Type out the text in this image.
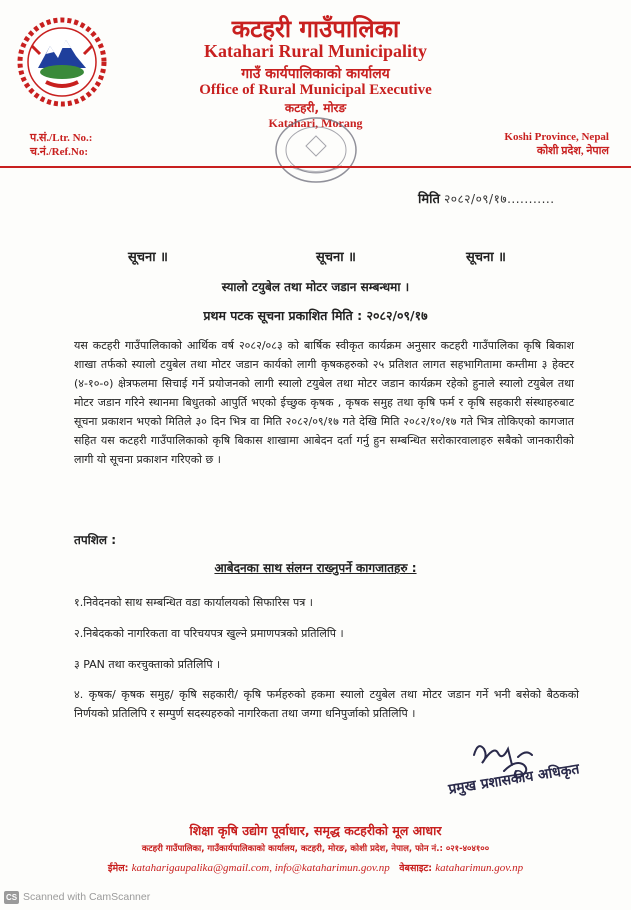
कटहरी गाउँपालिका
Katahari Rural Municipality
गाउँ कार्यपालिकाको कार्यालय
Office of Rural Municipal Executive
कटहरी, मोरङ
Katahari, Morang
प.सं./Ltr. No.:
च.नं./Ref.No:
Koshi Province, Nepal
कोशी प्रदेश, नेपाल
मिति २०८२/०९/१७...........
सूचना ॥	सूचना ॥	सूचना ॥
स्यालो टयुबेल तथा मोटर जडान सम्बन्धमा ।
प्रथम पटक सूचना प्रकाशित मिति : २०८२/०९/१७
यस कटहरी गाउँपालिकाको आर्थिक वर्ष २०८२/०८३ को बार्षिक स्वीकृत कार्यक्रम अनुसार कटहरी गाउँपालिका कृषि बिकाश शाखा तर्फको स्यालो टयुबेल तथा मोटर जडान कार्यको लागी कृषकहरुको २५ प्रतिशत लागत सहभागितामा कम्तीमा ३ हेक्टर (४-१०-०) क्षेत्रफलमा सिचाई गर्ने प्रयोजनको लागी स्यालो टयुबेल तथा मोटर जडान कार्यक्रम रहेको हुनाले स्यालो टयुबेल तथा मोटर जडान गरिने स्थानमा बिधुतको आपुर्ति भएको ईच्छुक कृषक , कृषक समुह तथा कृषि फर्म र कृषि सहकारी संस्थाहरुबाट सूचना प्रकाशन भएको मितिले ३० दिन भित्र वा मिति २०८२/०९/१७ गते देखि मिति २०८२/१०/१७ गते भित्र तोकिएको कागजात सहित यस कटहरी गाउँपालिकाको कृषि बिकास शाखामा आबेदन दर्ता गर्नु हुन सम्बन्धित सरोकारवालाहरु सबैको जानकारीको लागी यो सूचना प्रकाशन गरिएको छ ।
तपशिल :
आबेदनका साथ संलग्न राख्नुपर्ने कागजातहरु :
१.निवेदनको साथ सम्बन्धित वडा कार्यालयको सिफारिस पत्र ।
२.निबेदकको नागरिकता वा परिचयपत्र खुल्ने प्रमाणपत्रको प्रतिलिपि ।
३ PAN तथा करचुक्ताको प्रतिलिपि ।
४. कृषक/ कृषक समुह/ कृषि सहकारी/ कृषि फर्महरुको हकमा स्यालो टयुबेल तथा मोटर जडान गर्ने भनी बसेको बैठकको निर्णयको प्रतिलिपि र सम्पुर्ण सदस्यहरुको नागरिकता तथा जग्गा धनिपुर्जाको प्रतिलिपि ।
प्रमुख प्रशासकीय अधिकृत
शिक्षा कृषि उद्योग पूर्वाधार, समृद्ध कटहरीको मूल आधार
कटहरी गाउँपालिका, गाउँकार्यपालिकाको कार्यालय, कटहरी, मोरङ, कोशी प्रदेश, नेपाल, फोन नं.: ०२१-४०४१००
ईमेल: kataharigaupalika@gmail.com, info@kataharimun.gov.np वेबसाइट: kataharimun.gov.np
CS Scanned with CamScanner
